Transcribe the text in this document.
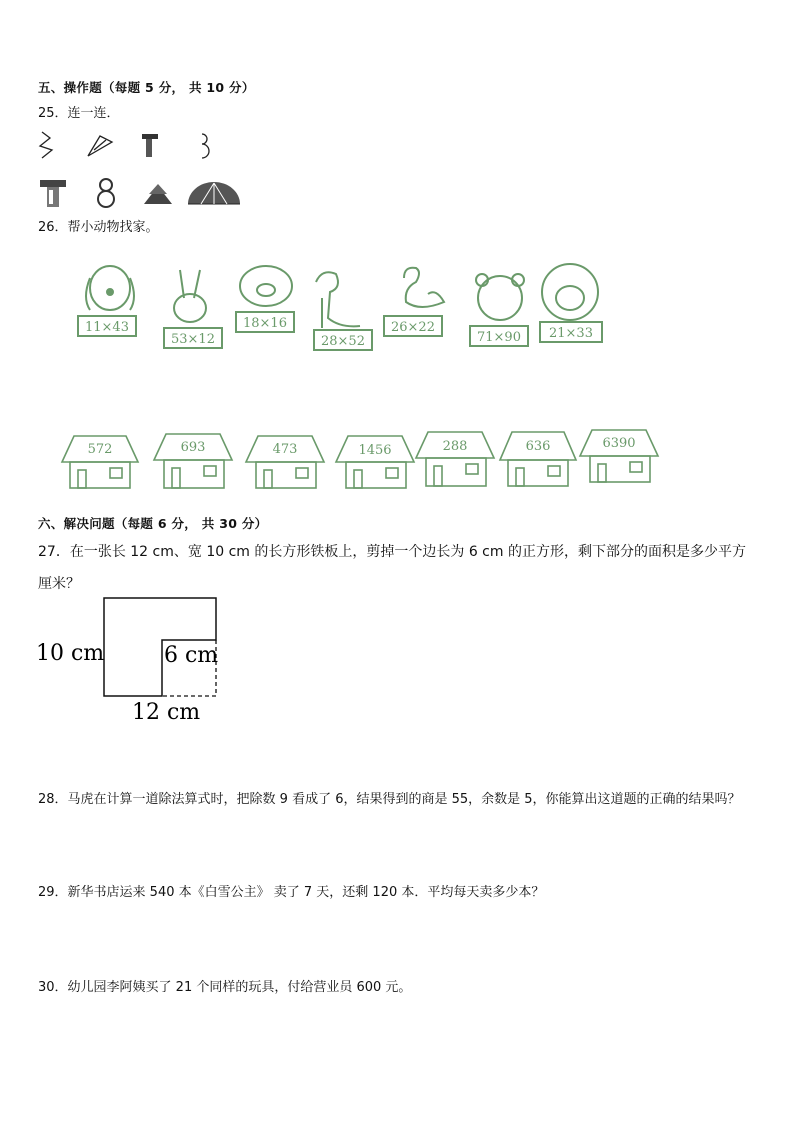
五、操作题（每题 5 分， 共 10 分）
25．连一连．
26．帮小动物找家。
11×43
53×12
18×16
28×52
26×22
71×90 21×33
572	693	473	1456	288	636	6390
六、解决问题（每题 6 分， 共 30 分）
27．在一张长 12 cm、宽 10 cm 的长方形铁板上，剪掉一个边长为 6 cm 的正方形，剩下部分的面积是多少平方厘米？
10 cm	6 cm
12 cm
28．马虎在计算一道除法算式时，把除数 9 看成了 6，结果得到的商是 55，余数是 5，你能算出这道题的正确的结果吗？
29．新华书店运来 540 本《白雪公主》 卖了 7 天，还剩 120 本．平均每天卖多少本？
30．幼儿园李阿姨买了 21 个同样的玩具，付给营业员 600 元。
